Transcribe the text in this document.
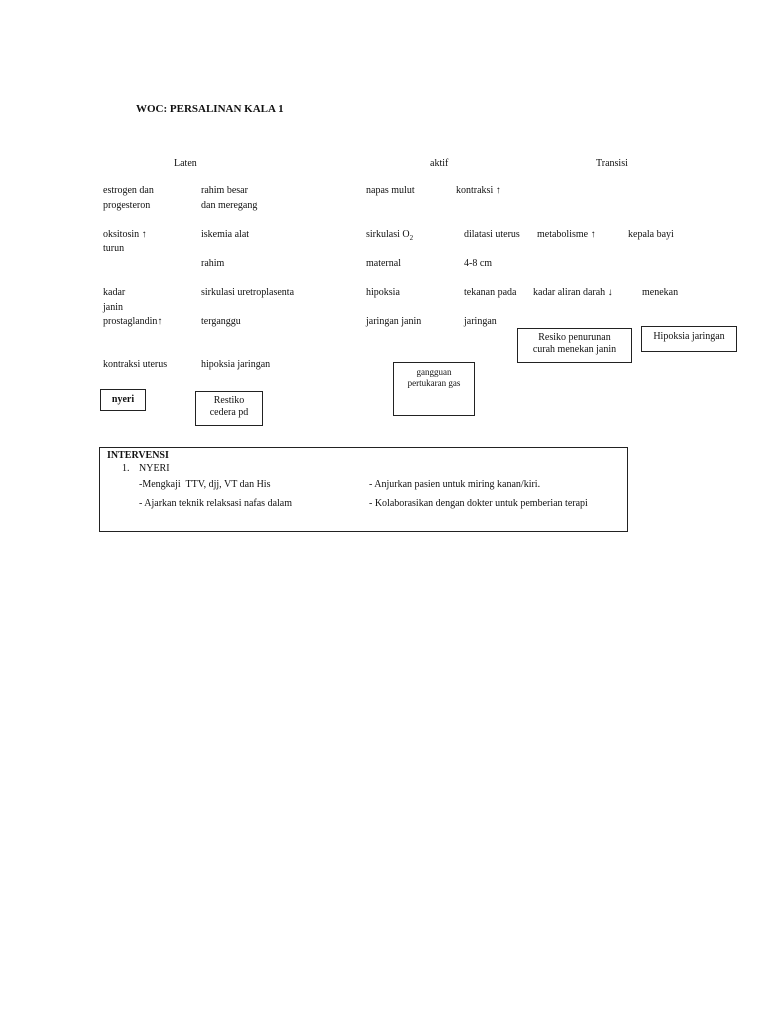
WOC: PERSALINAN KALA 1
Laten	aktif	Transisi
estrogen dan
progesteron
oksitosin ↑
turun
kadar
janin
prostaglandin↑
kontraksi uterus
rahim besar
dan meregang
iskemia alat
rahim
sirkulasi uretroplasenta
terganggu
hipoksia jaringan
napas mulut
sirkulasi $O_2$
maternal
hipoksia
jaringan janin
kontraksi ↑
dilatasi uterus
4-8 cm
tekanan pada
jaringan
metabolisme ↑	kepala bayi
kadar aliran darah ↓	menekan
nyeri	Restiko
cedera pd
gangguan
pertukaran gas
Resiko penurunan
curah menekan janin
Hipoksia jaringan
INTERVENSI
1. NYERI
-Mengkaji  TTV, djj, VT dan His
- Ajarkan teknik relaksasi nafas dalam
- Anjurkan pasien untuk miring kanan/kiri.
- Kolaborasikan dengan dokter untuk pemberian terapi
